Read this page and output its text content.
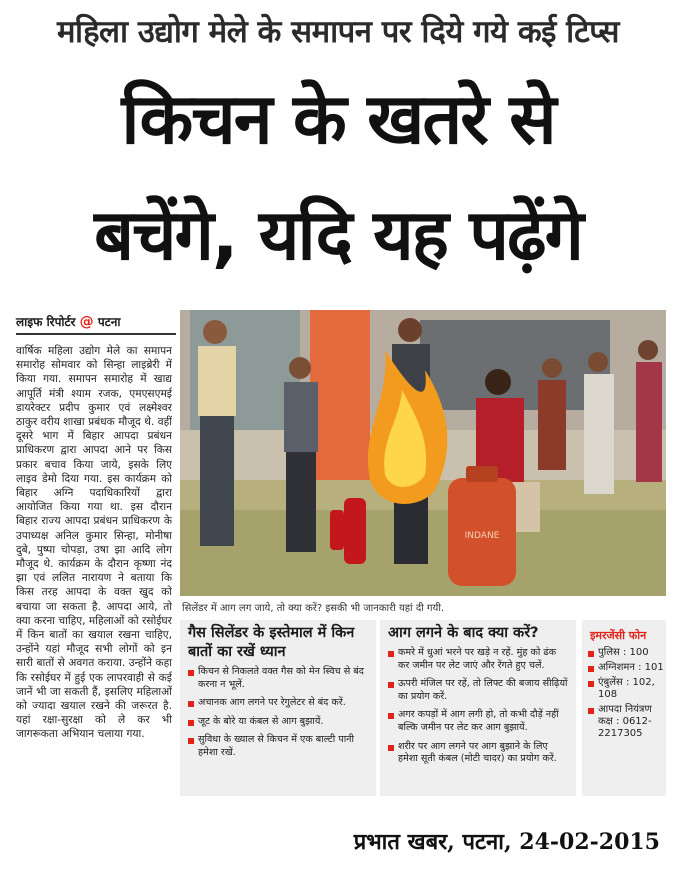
महिला उद्योग मेले के समापन पर दिये गये कई टिप्स
किचन के खतरे से
बचेंगे, यदि यह पढ़ेंगे
लाइफ रिपोर्टर @ पटना
वार्षिक महिला उद्योग मेले का समापन समारोह सोमवार को सिन्हा लाइब्रेरी में किया गया. समापन समारोह में खाद्य आपूर्ति मंत्री श्याम रजक, एमएसएमई डायरेक्टर प्रदीप कुमार एवं लक्ष्मेश्वर ठाकुर वरीय शाखा प्रबंधक मौजूद थे. वहीं दूसरे भाग में बिहार आपदा प्रबंधन प्राधिकरण द्वारा आपदा आने पर किस प्रकार बचाव किया जाये, इसके लिए लाइव डेमो दिया गया. इस कार्यक्रम को बिहार अग्नि पदाधिकारियों द्वारा आयोजित किया गया था. इस दौरान बिहार राज्य आपदा प्रबंधन प्राधिकरण के उपाध्यक्ष अनिल कुमार सिन्हा, मोनीषा दुबे, पुष्पा चोपड़ा, उषा झा आदि लोग मौजूद थे. कार्यक्रम के दौरान कृष्णा नंद झा एवं ललित नारायण ने बताया कि किस तरह आपदा के वक्त खुद को बचाया जा सकता है. आपदा आये, तो क्या करना चाहिए, महिलाओं को रसोईघर में किन बातों का खयाल रखना चाहिए, उन्होंने यहां मौजूद सभी लोगों को इन सारी बातों से अवगत कराया. उन्होंने कहा कि रसोईघर में हुई एक लापरवाही से कई जानें भी जा सकती हैं, इसलिए महिलाओं को ज्यादा खयाल रखने की जरूरत है. यहां रक्षा-सुरक्षा को ले कर भी जागरूकता अभियान चलाया गया.
INDANE
सिलेंडर में आग लग जाये, तो क्या करें? इसकी भी जानकारी यहां दी गयी.
गैस सिलेंडर के इस्तेमाल में किन बातों का रखें ध्यान
किचन से निकलते वक्त गैस को मेन स्विच से बंद करना न भूलें.
अचानक आग लगने पर रेगुलेटर से बंद करें.
जूट के बोरे या कंबल से आग बुझायें.
सुविधा के ख्याल से किचन में एक बाल्टी पानी हमेशा रखें.
आग लगने के बाद क्या करें?
कमरे में धुआं भरने पर खड़े न रहें. मुंह को ढंक कर जमीन पर लेट जाएं और रेंगते हुए चलें.
ऊपरी मंजिल पर रहें, तो लिफ्ट की बजाय सीढ़ियों का प्रयोग करें.
अगर कपड़ों में आग लगी हो, तो कभी दौड़ें नहीं बल्कि जमीन पर लेट कर आग बुझायें.
शरीर पर आग लगने पर आग बुझाने के लिए हमेशा सूती कंबल (मोटी चादर) का प्रयोग करें.
इमरजेंसी फोन
पुलिस : 100
अग्निशमन : 101
एंबुलेंस : 102, 108
आपदा नियंत्रण कक्ष : 0612-2217305
प्रभात खबर, पटना, 24-02-2015
